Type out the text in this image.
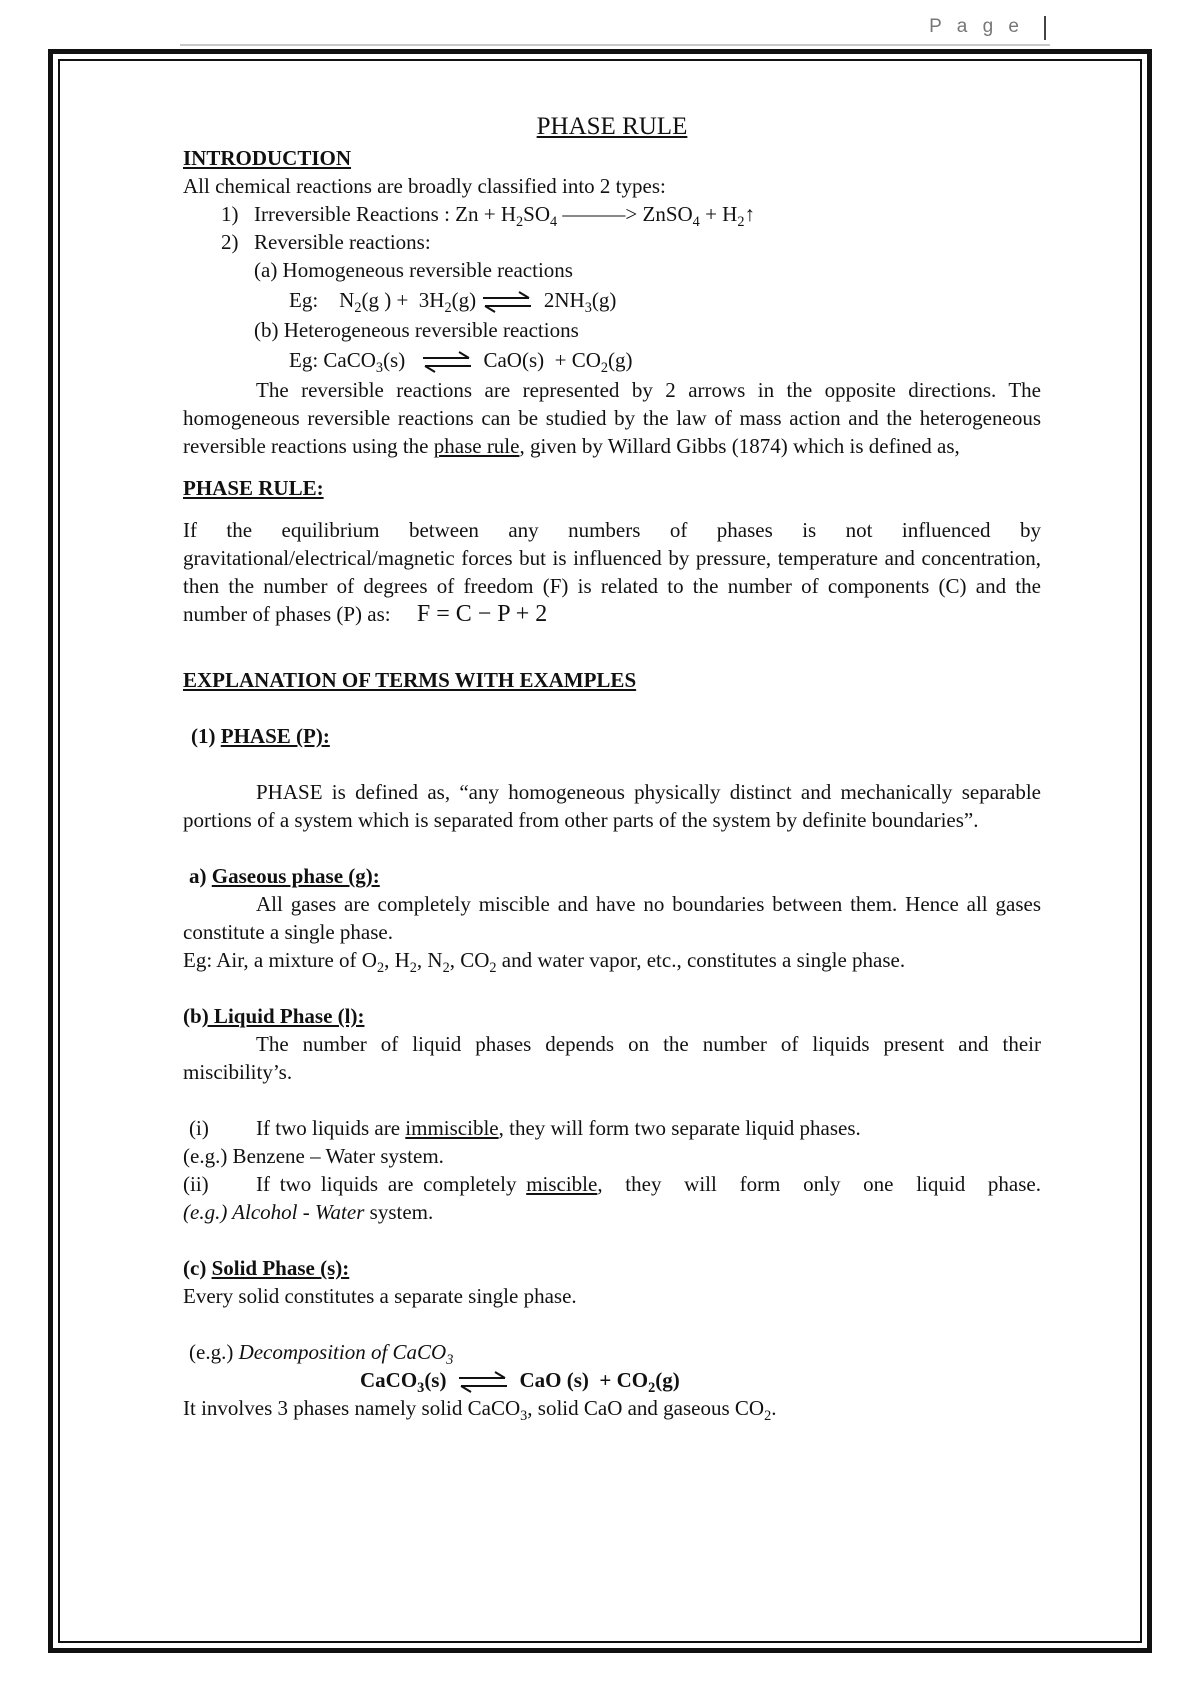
P a g e

PHASE RULE

INTRODUCTION

All chemical reactions are broadly classified into 2 types:

1) Irreversible Reactions : $Zn + H_2SO_4$ ———> ZnSO$_4$ + $H_2↑$

2) Reversible reactions:

(a) Homogeneous reversible reactions

Eg:    $N_2(g$ ) +  $3H_2(g)$ ⇌ $2NH_3(g)$

(b) Heterogeneous reversible reactions

Eg: CaCO$_3$(s) ⇌ $CaO(s) + CO_2(g)$

The reversible reactions are represented by 2 arrows in the opposite directions. The homogeneous reversible reactions can be studied by the law of mass action and the heterogeneous reversible reactions using the phase rule, given by Willard Gibbs (1874) which is defined as,

PHASE RULE:

If the equilibrium between any numbers of phases is not influenced by gravitational/electrical/magnetic forces but is influenced by pressure, temperature and concentration, then the number of degrees of freedom (F) is related to the number of components (C) and the number of phases (P) as: F = C − P + 2

EXPLANATION OF TERMS WITH EXAMPLES

(1) PHASE (P):

PHASE is defined as, “any homogeneous physically distinct and mechanically separable portions of a system which is separated from other parts of the system by definite boundaries”.

a) Gaseous phase (g):

All gases are completely miscible and have no boundaries between them. Hence all gases constitute a single phase.

Eg: Air, a mixture of $O_2$, $H_2$, $N_2$, $CO_2$ and water vapor, etc., constitutes a single phase.

(b) Liquid Phase (l):

The number of liquid phases depends on the number of liquids present and their miscibility’s.

(i) If two liquids are immiscible, they will form two separate liquid phases.

(e.g.) Benzene – Water system.

(ii) If two liquids are completely miscible, they will form only one liquid phase.

(e.g.) Alcohol - Water system.

(c) Solid Phase (s):

Every solid constitutes a separate single phase.

(e.g.) Decomposition of CaCO$_3$

CaCO$_3$(s) ⇌ CaO $(s) + CO_2(g)$

It involves 3 phases namely solid CaCO$_3$, solid CaO and gaseous $CO_2$.
